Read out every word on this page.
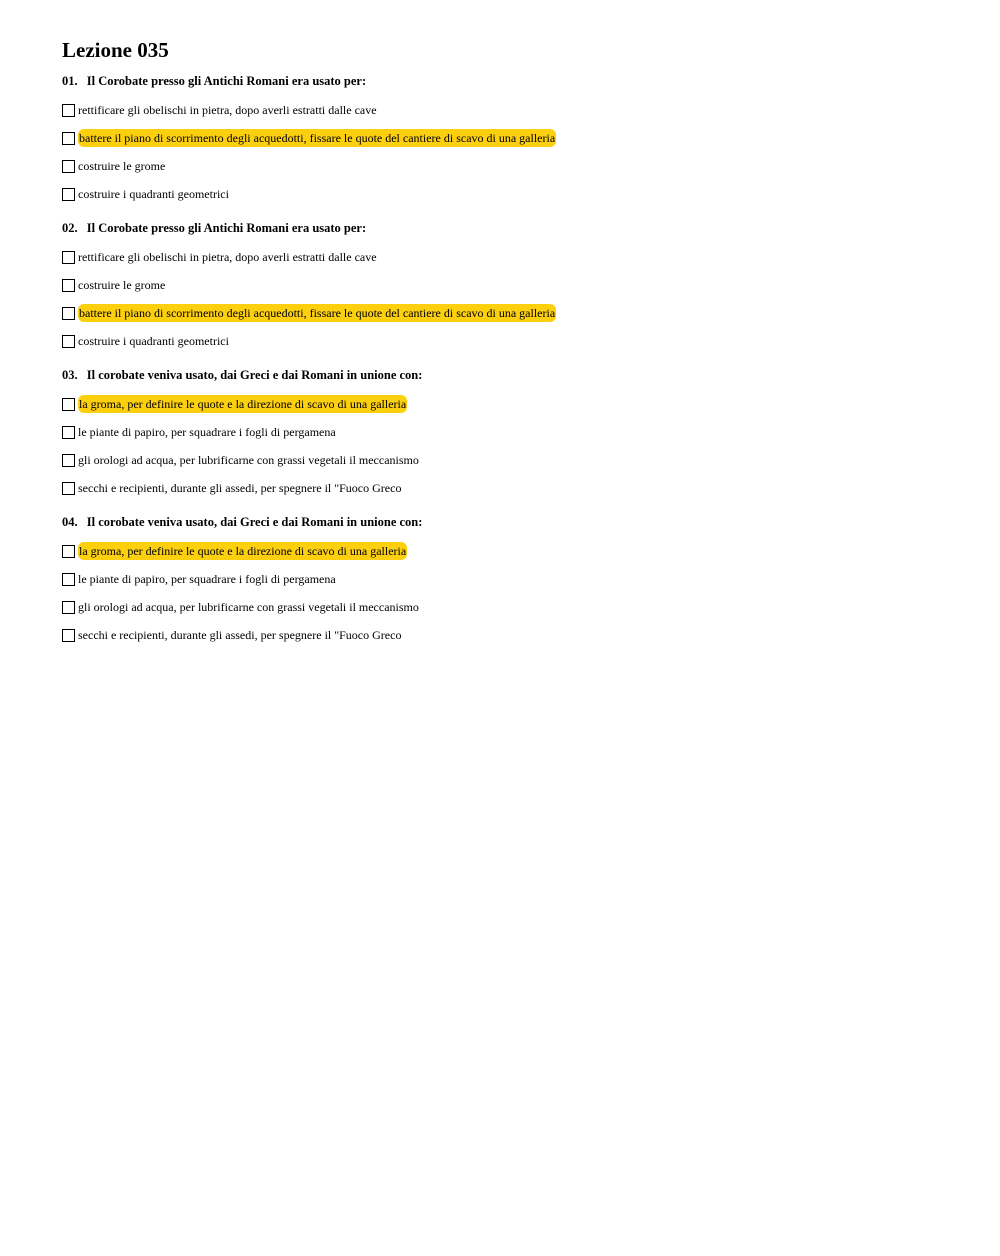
Lezione 035
01. Il Corobate presso gli Antichi Romani era usato per:
rettificare gli obelischi in pietra, dopo averli estratti dalle cave
battere il piano di scorrimento degli acquedotti, fissare le quote del cantiere di scavo di una galleria
costruire le grome
costruire i quadranti geometrici
02. Il Corobate presso gli Antichi Romani era usato per:
rettificare gli obelischi in pietra, dopo averli estratti dalle cave
costruire le grome
battere il piano di scorrimento degli acquedotti, fissare le quote del cantiere di scavo di una galleria
costruire i quadranti geometrici
03. Il corobate veniva usato, dai Greci e dai Romani in unione con:
la groma, per definire le quote e la direzione di scavo di una galleria
le piante di papiro, per squadrare i fogli di pergamena
gli orologi ad acqua, per lubrificarne con grassi vegetali il meccanismo
secchi e recipienti, durante gli assedi, per spegnere il "Fuoco Greco
04. Il corobate veniva usato, dai Greci e dai Romani in unione con:
la groma, per definire le quote e la direzione di scavo di una galleria
le piante di papiro, per squadrare i fogli di pergamena
gli orologi ad acqua, per lubrificarne con grassi vegetali il meccanismo
secchi e recipienti, durante gli assedi, per spegnere il "Fuoco Greco
